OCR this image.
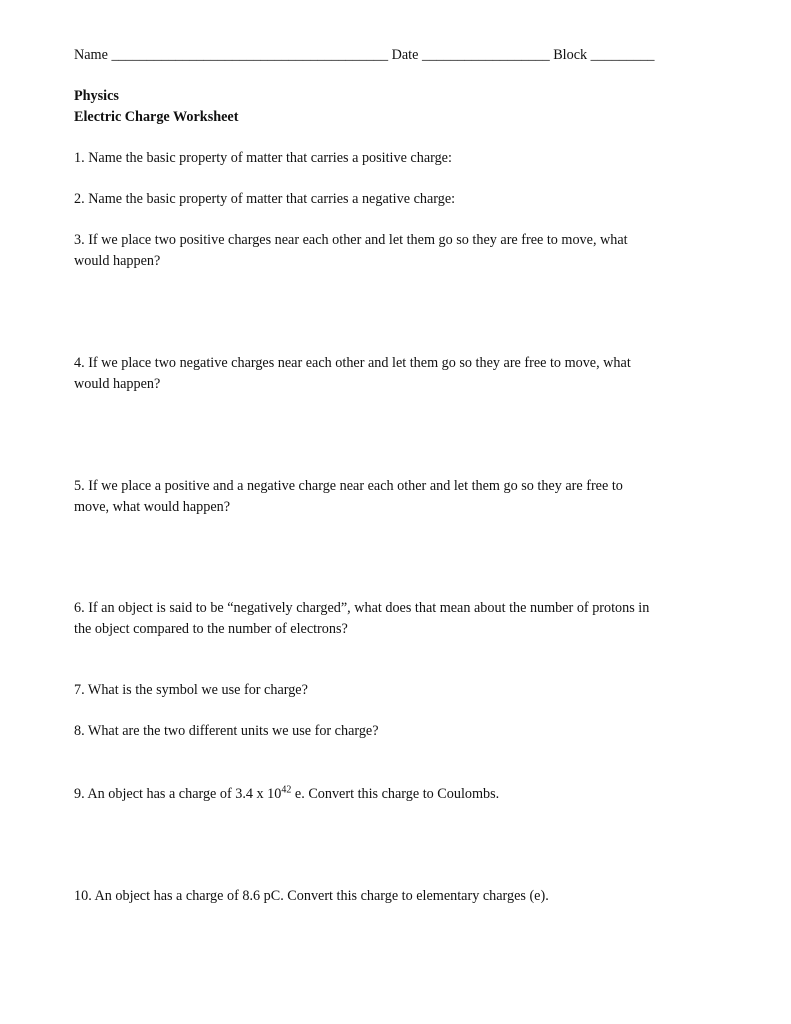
Name _______________________________________ Date __________________ Block _________
Physics
Electric Charge Worksheet
1. Name the basic property of matter that carries a positive charge:
2. Name the basic property of matter that carries a negative charge:
3. If we place two positive charges near each other and let them go so they are free to move, what
would happen?
4. If we place two negative charges near each other and let them go so they are free to move, what
would happen?
5. If we place a positive and a negative charge near each other and let them go so they are free to
move, what would happen?
6. If an object is said to be “negatively charged”, what does that mean about the number of protons in
the object compared to the number of electrons?
7. What is the symbol we use for charge?
8. What are the two different units we use for charge?
9. An object has a charge of 3.4 x $10^{42}$ e. Convert this charge to Coulombs.
10. An object has a charge of 8.6 pC. Convert this charge to elementary charges (e).
